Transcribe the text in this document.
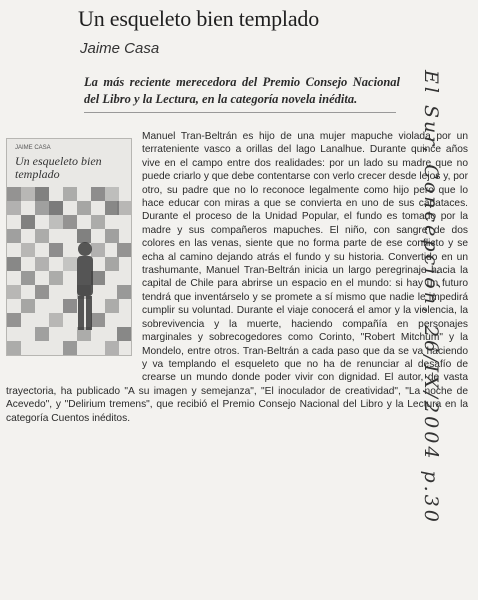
Un esqueleto bien templado
Jaime Casa
La más reciente merecedora del Premio Consejo Nacional del Libro y la Lectura, en la categoría novela inédita.

Manuel Tran-Beltrán es hijo de una mujer mapuche violada por un terrateniente vasco a orillas del lago Lanalhue. Durante quince años vive en el campo entre dos realidades: por un lado su madre que no puede criarlo y que debe contentarse con verlo crecer desde lejos y, por otro, su padre que no lo reconoce legalmente como hijo pero que lo hace educar con miras a que se convierta en uno de sus capataces. Durante el proceso de la Unidad Popular, el fundo es tomado por la madre y sus compañeros mapuches. El niño, con sangre de dos colores en las venas, siente que no forma parte de ese conflicto y se echa al camino dejando atrás el fundo y su historia. Convertido en un trashumante, Manuel Tran-Beltrán inicia un largo peregrinaje hacia la capital de Chile para abrirse un espacio en el mundo: si hay un futuro tendrá que inventárselo y se promete a sí mismo que nadie le impedirá cumplir su voluntad. Durante el viaje conocerá el amor y la violencia, la sobrevivencia y la muerte, haciendo compañía en personajes marginales y sobrecogedores como Corinto, "Robert Mitchum" y la Mondelo, entre otros. Tran-Beltrán a cada paso que da se va haciendo y va templando el esqueleto que no ha de renunciar al desafío de crearse un mundo donde poder vivir con dignidad. El autor, de vasta trayectoria, ha publicado "A su imagen y semejanza", "El inoculador de creatividad", "La noche de Acevedo", y "Delirium tremens", que recibió el Premio Consejo Nacional del Libro y la Lectura en la categoría Cuentos inéditos.

JAIME CASA
Un esqueleto bien templado	El Sur, Concepción, 26/IX/2004 p.30
